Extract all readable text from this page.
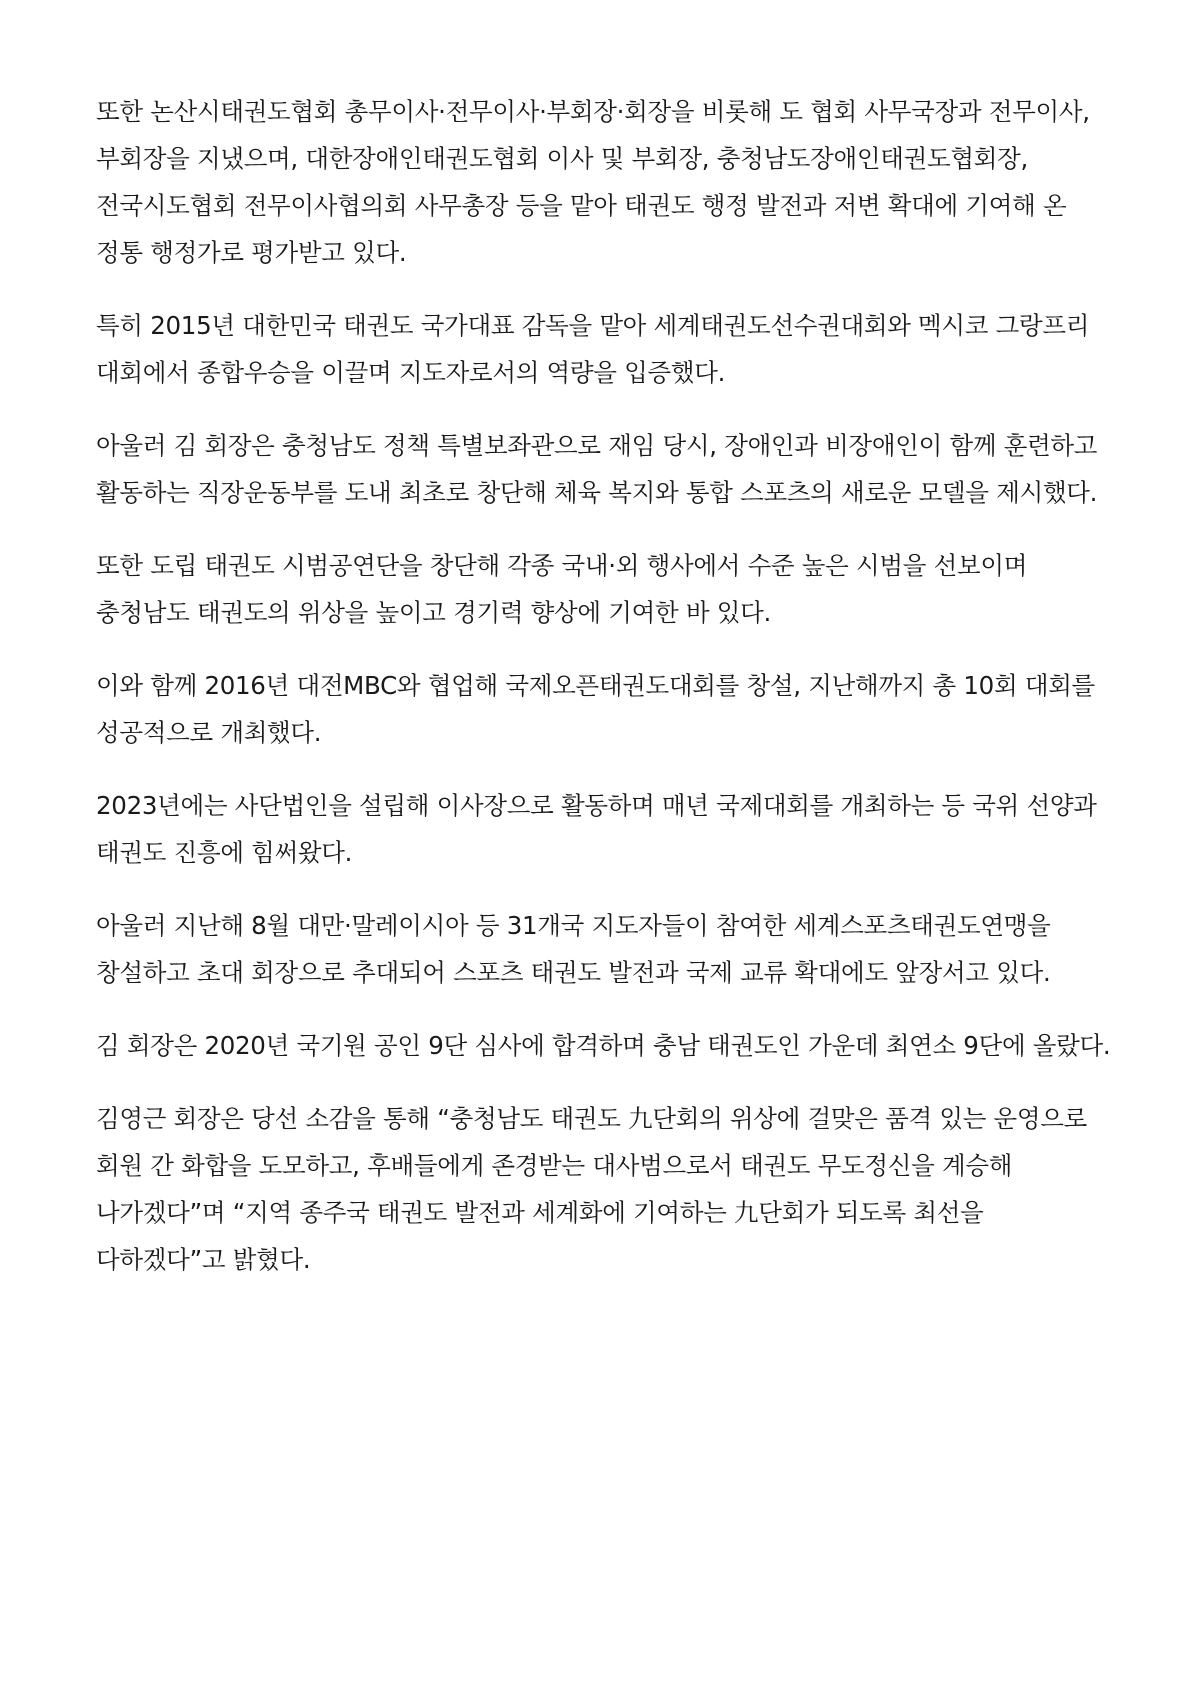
또한 논산시태권도협회 총무이사·전무이사·부회장·회장을 비롯해 도 협회 사무국장과 전무이사, 부회장을 지냈으며, 대한장애인태권도협회 이사 및 부회장, 충청남도장애인태권도협회장, 전국시도협회 전무이사협의회 사무총장 등을 맡아 태권도 행정 발전과 저변 확대에 기여해 온 정통 행정가로 평가받고 있다.

특히 2015년 대한민국 태권도 국가대표 감독을 맡아 세계태권도선수권대회와 멕시코 그랑프리 대회에서 종합우승을 이끌며 지도자로서의 역량을 입증했다.

아울러 김 회장은 충청남도 정책 특별보좌관으로 재임 당시, 장애인과 비장애인이 함께 훈련하고 활동하는 직장운동부를 도내 최초로 창단해 체육 복지와 통합 스포츠의 새로운 모델을 제시했다.

또한 도립 태권도 시범공연단을 창단해 각종 국내·외 행사에서 수준 높은 시범을 선보이며 충청남도 태권도의 위상을 높이고 경기력 향상에 기여한 바 있다.

이와 함께 2016년 대전MBC와 협업해 국제오픈태권도대회를 창설, 지난해까지 총 10회 대회를 성공적으로 개최했다.

2023년에는 사단법인을 설립해 이사장으로 활동하며 매년 국제대회를 개최하는 등 국위 선양과 태권도 진흥에 힘써왔다.

아울러 지난해 8월 대만·말레이시아 등 31개국 지도자들이 참여한 세계스포츠태권도연맹을 창설하고 초대 회장으로 추대되어 스포츠 태권도 발전과 국제 교류 확대에도 앞장서고 있다.

김 회장은 2020년 국기원 공인 9단 심사에 합격하며 충남 태권도인 가운데 최연소 9단에 올랐다.

김영근 회장은 당선 소감을 통해 “충청남도 태권도 九단회의 위상에 걸맞은 품격 있는 운영으로 회원 간 화합을 도모하고, 후배들에게 존경받는 대사범으로서 태권도 무도정신을 계승해 나가겠다”며 “지역 종주국 태권도 발전과 세계화에 기여하는 九단회가 되도록 최선을 다하겠다”고 밝혔다.
